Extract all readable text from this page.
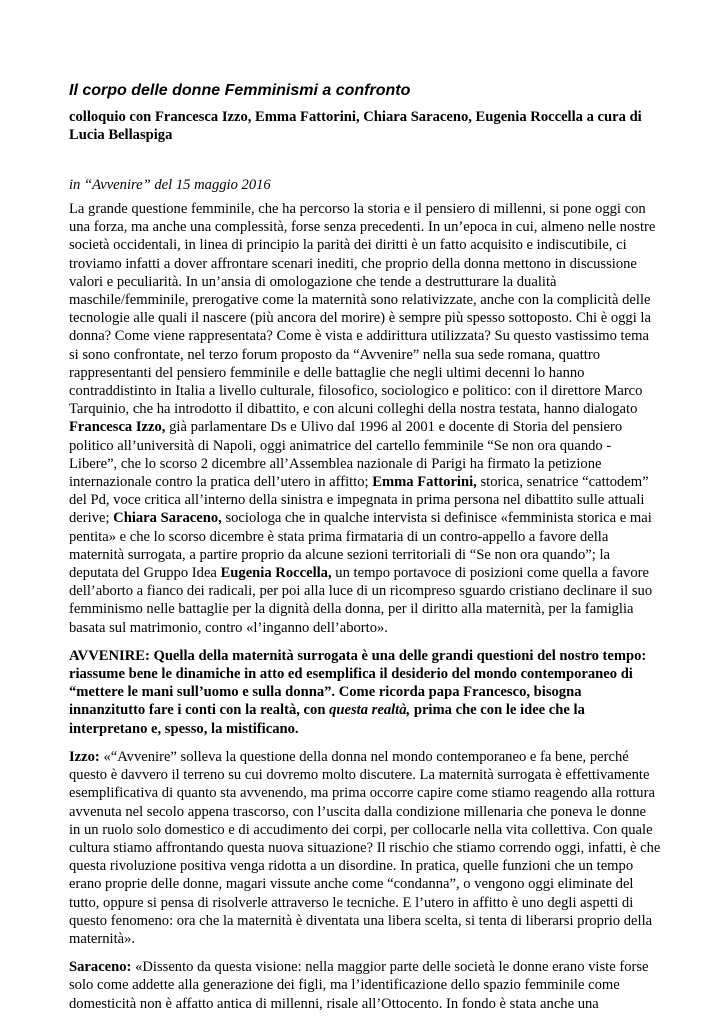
Il corpo delle donne Femminismi a confronto

colloquio con Francesca Izzo, Emma Fattorini, Chiara Saraceno, Eugenia Roccella a cura di Lucia Bellaspiga

in “Avvenire” del 15 maggio 2016

La grande questione femminile, che ha percorso la storia e il pensiero di millenni, si pone oggi con una forza, ma anche una complessità, forse senza precedenti. In un’epoca in cui, almeno nelle nostre società occidentali, in linea di principio la parità dei diritti è un fatto acquisito e indiscutibile, ci troviamo infatti a dover affrontare scenari inediti, che proprio della donna mettono in discussione valori e peculiarità. In un’ansia di omologazione che tende a destrutturare la dualità maschile/femminile, prerogative come la maternità sono relativizzate, anche con la complicità delle tecnologie alle quali il nascere (più ancora del morire) è sempre più spesso sottoposto. Chi è oggi la donna? Come viene rappresentata? Come è vista e addirittura utilizzata? Su questo vastissimo tema si sono confrontate, nel terzo forum proposto da “Avvenire” nella sua sede romana, quattro rappresentanti del pensiero femminile e delle battaglie che negli ultimi decenni lo hanno contraddistinto in Italia a livello culturale, filosofico, sociologico e politico: con il direttore Marco Tarquinio, che ha introdotto il dibattito, e con alcuni colleghi della nostra testata, hanno dialogato Francesca Izzo, già parlamentare Ds e Ulivo dal 1996 al 2001 e docente di Storia del pensiero politico all’università di Napoli, oggi animatrice del cartello femminile “Se non ora quando - Libere”, che lo scorso 2 dicembre all’Assemblea nazionale di Parigi ha firmato la petizione internazionale contro la pratica dell’utero in affitto; Emma Fattorini, storica, senatrice “cattodem” del Pd, voce critica all’interno della sinistra e impegnata in prima persona nel dibattito sulle attuali derive; Chiara Saraceno, sociologa che in qualche intervista si definisce «femminista storica e mai pentita» e che lo scorso dicembre è stata prima firmataria di un contro-appello a favore della maternità surrogata, a partire proprio da alcune sezioni territoriali di “Se non ora quando”; la deputata del Gruppo Idea Eugenia Roccella, un tempo portavoce di posizioni come quella a favore dell’aborto a fianco dei radicali, per poi alla luce di un ricompreso sguardo cristiano declinare il suo femminismo nelle battaglie per la dignità della donna, per il diritto alla maternità, per la famiglia basata sul matrimonio, contro «l’inganno dell’aborto».

AVVENIRE: Quella della maternità surrogata è una delle grandi questioni del nostro tempo: riassume bene le dinamiche in atto ed esemplifica il desiderio del mondo contemporaneo di “mettere le mani sull’uomo e sulla donna”. Come ricorda papa Francesco, bisogna innanzitutto fare i conti con la realtà, con questa realtà, prima che con le idee che la interpretano e, spesso, la mistificano.

Izzo: «“Avvenire” solleva la questione della donna nel mondo contemporaneo e fa bene, perché questo è davvero il terreno su cui dovremo molto discutere. La maternità surrogata è effettivamente esemplificativa di quanto sta avvenendo, ma prima occorre capire come stiamo reagendo alla rottura avvenuta nel secolo appena trascorso, con l’uscita dalla condizione millenaria che poneva le donne in un ruolo solo domestico e di accudimento dei corpi, per collocarle nella vita collettiva. Con quale cultura stiamo affrontando questa nuova situazione? Il rischio che stiamo correndo oggi, infatti, è che questa rivoluzione positiva venga ridotta a un disordine. In pratica, quelle funzioni che un tempo erano proprie delle donne, magari vissute anche come “condanna”, o vengono oggi eliminate del tutto, oppure si pensa di risolverle attraverso le tecniche. E l’utero in affitto è uno degli aspetti di questo fenomeno: ora che la maternità è diventata una libera scelta, si tenta di liberarsi proprio della maternità».

Saraceno: «Dissento da questa visione: nella maggior parte delle società le donne erano viste forse solo come addette alla generazione dei figli, ma l’identificazione dello spazio femminile come domesticità non è affatto antica di millenni, risale all’Ottocento. In fondo è stata anche una
